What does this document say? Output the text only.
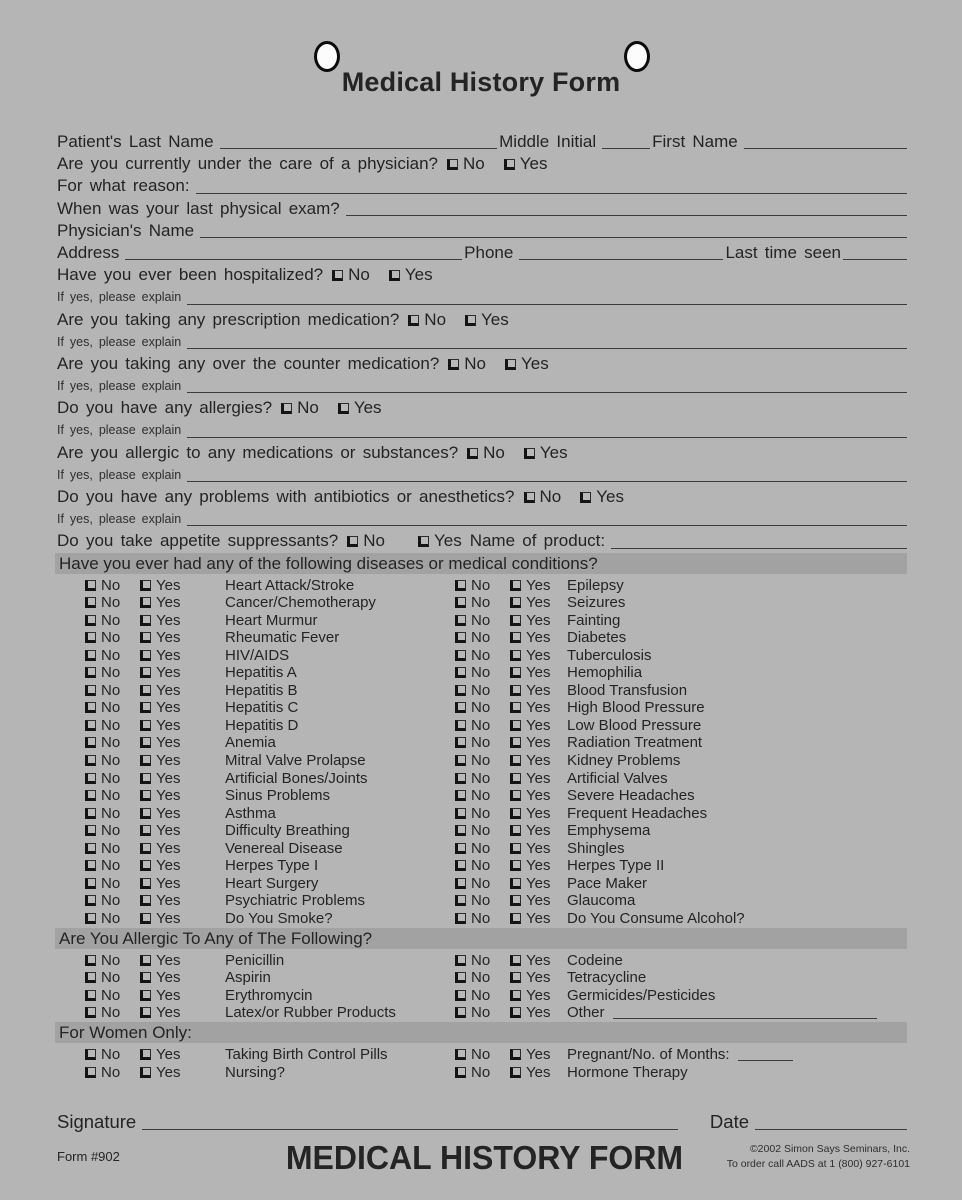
Medical History Form
Patient's Last Name	Middle Initial	First Name
Are you currently under the care of a physician?	No	Yes
For what reason:
When was your last physical exam?
Physician's Name
Address	Phone	Last time seen
Have you ever been hospitalized?	No	Yes
If yes, please explain
Are you taking any prescription medication?	No	Yes
If yes, please explain
Are you taking any over the counter medication?	No	Yes
If yes, please explain
Do you have any allergies?	No	Yes
If yes, please explain
Are you allergic to any medications or substances?	No	Yes
If yes, please explain
Do you have any problems with antibiotics or anesthetics?	No	Yes
If yes, please explain
Do you take appetite suppressants?	No	Yes Name of product:
Have you ever had any of the following diseases or medical conditions?
No	Yes	Heart Attack/Stroke	No	Yes	Epilepsy
No	Yes	Cancer/Chemotherapy	No	Yes	Seizures
No	Yes	Heart Murmur	No	Yes	Fainting
No	Yes	Rheumatic Fever	No	Yes	Diabetes
No	Yes	HIV/AIDS	No	Yes	Tuberculosis
No	Yes	Hepatitis A	No	Yes	Hemophilia
No	Yes	Hepatitis B	No	Yes	Blood Transfusion
No	Yes	Hepatitis C	No	Yes	High Blood Pressure
No	Yes	Hepatitis D	No	Yes	Low Blood Pressure
No	Yes	Anemia	No	Yes	Radiation Treatment
No	Yes	Mitral Valve Prolapse	No	Yes	Kidney Problems
No	Yes	Artificial Bones/Joints	No	Yes	Artificial Valves
No	Yes	Sinus Problems	No	Yes	Severe Headaches
No	Yes	Asthma	No	Yes	Frequent Headaches
No	Yes	Difficulty Breathing	No	Yes	Emphysema
No	Yes	Venereal Disease	No	Yes	Shingles
No	Yes	Herpes Type I	No	Yes	Herpes Type II
No	Yes	Heart Surgery	No	Yes	Pace Maker
No	Yes	Psychiatric Problems	No	Yes	Glaucoma
No	Yes	Do You Smoke?	No	Yes	Do You Consume Alcohol?
Are You Allergic To Any of The Following?
No	Yes	Penicillin	No	Yes	Codeine
No	Yes	Aspirin	No	Yes	Tetracycline
No	Yes	Erythromycin	No	Yes	Germicides/Pesticides
No	Yes	Latex/or Rubber Products	No	Yes	Other
For Women Only:
No	Yes	Taking Birth Control Pills	No	Yes	Pregnant/No. of Months:
No	Yes	Nursing?	No	Yes	Hormone Therapy
Signature	Date
Form #902	MEDICAL HISTORY FORM	©2002 Simon Says Seminars, Inc.
To order call AADS at 1 (800) 927-6101
